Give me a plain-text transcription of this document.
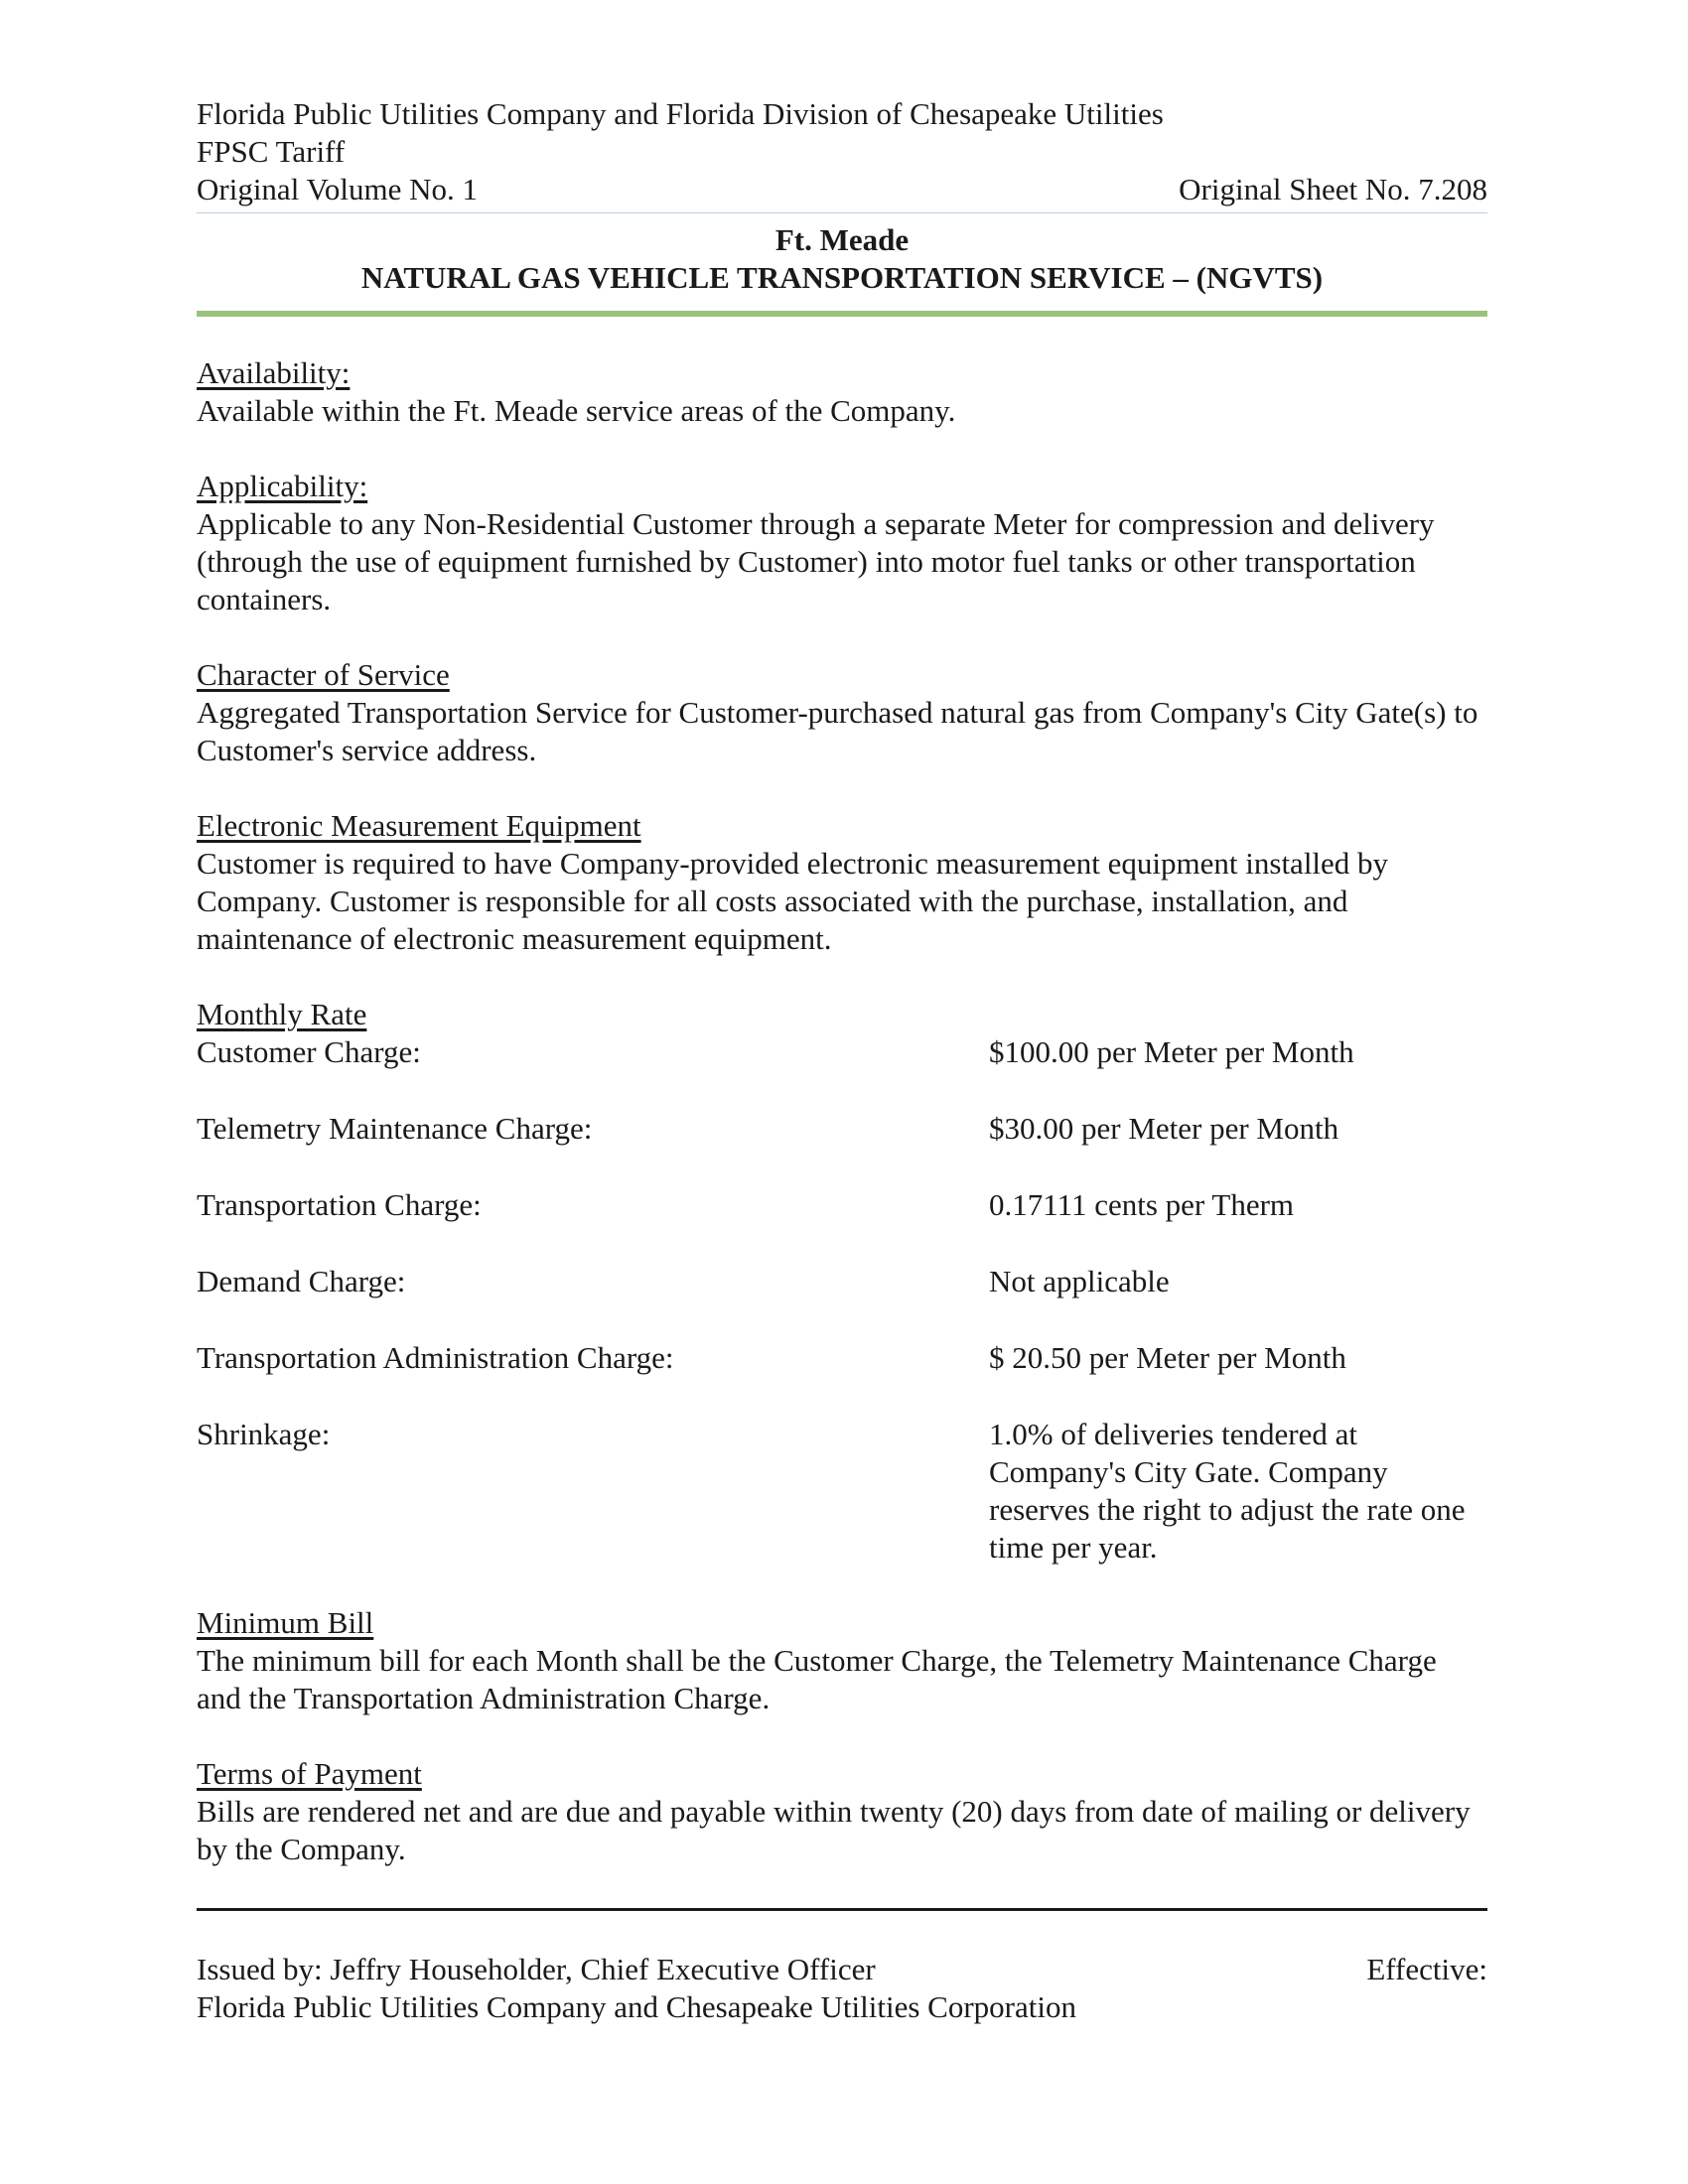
Florida Public Utilities Company and Florida Division of Chesapeake Utilities
FPSC Tariff
Original Volume No. 1	Original Sheet No. 7.208
Ft. Meade
NATURAL GAS VEHICLE TRANSPORTATION SERVICE – (NGVTS)
Availability:
Available within the Ft. Meade service areas of the Company.
Applicability:
Applicable to any Non-Residential Customer through a separate Meter for compression and delivery (through the use of equipment furnished by Customer) into motor fuel tanks or other transportation containers.
Character of Service
Aggregated Transportation Service for Customer-purchased natural gas from Company's City Gate(s) to Customer's service address.
Electronic Measurement Equipment
Customer is required to have Company-provided electronic measurement equipment installed by Company. Customer is responsible for all costs associated with the purchase, installation, and maintenance of electronic measurement equipment.
Monthly Rate
Customer Charge:	$100.00 per Meter per Month
Telemetry Maintenance Charge:	$30.00 per Meter per Month
Transportation Charge:	0.17111 cents per Therm
Demand Charge:	Not applicable
Transportation Administration Charge:	$ 20.50 per Meter per Month
Shrinkage:	1.0% of deliveries tendered at Company's City Gate. Company reserves the right to adjust the rate one time per year.
Minimum Bill
The minimum bill for each Month shall be the Customer Charge, the Telemetry Maintenance Charge and the Transportation Administration Charge.
Terms of Payment
Bills are rendered net and are due and payable within twenty (20) days from date of mailing or delivery by the Company.
Issued by: Jeffry Householder, Chief Executive Officer	Effective:
Florida Public Utilities Company and Chesapeake Utilities Corporation
